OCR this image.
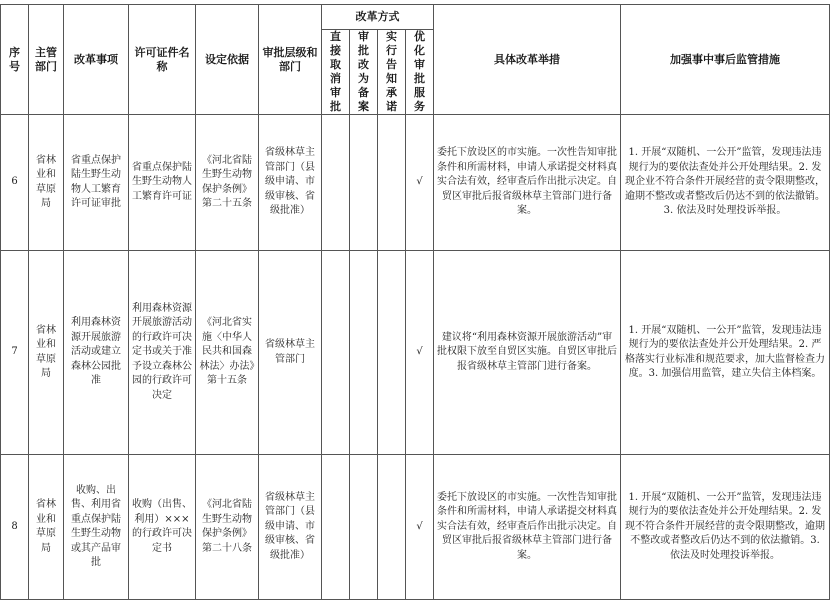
序号	主管部门	改革事项	许可证件名称	设定依据	审批层级和部门	改革方式				具体改革举措	加强事中事后监管措施
						直接取消审批	审批改为备案	实行告知承诺	优化审批服务		
6	省林业和草原局	省重点保护陆生野生动物人工繁育许可证审批	省重点保护陆生野生动物人工繁育许可证	《河北省陆生野生动物保护条例》第二十五条	省级林草主管部门（县级申请、市级审核、省级批准）				√	委托下放设区的市实施。一次性告知审批条件和所需材料，申请人承诺提交材料真实合法有效，经审查后作出批示决定。自贸区审批后报省级林草主管部门进行备案。	1. 开展“双随机、一公开”监管，发现违法违规行为的要依法查处并公开处理结果。2. 发现企业不符合条件开展经营的责令限期整改，逾期不整改或者整改后仍达不到的依法撤销。3. 依法及时处理投诉举报。
7	省林业和草原局	利用森林资源开展旅游活动或建立森林公园批准	利用森林资源开展旅游活动的行政许可决定书或关于准予设立森林公园的行政许可决定	《河北省实施〈中华人民共和国森林法〉办法》第十五条	省级林草主管部门				√	建议将“利用森林资源开展旅游活动”审批权限下放至自贸区实施。自贸区审批后报省级林草主管部门进行备案。	1. 开展“双随机、一公开”监管，发现违法违规行为的要依法查处并公开处理结果。2. 严格落实行业标准和规范要求，加大监督检查力度。3. 加强信用监管，建立失信主体档案。
8	省林业和草原局	收购、出售、利用省重点保护陆生野生动物或其产品审批	收购（出售、利用）×××的行政许可决定书	《河北省陆生野生动物保护条例》第二十八条	省级林草主管部门（县级申请、市级审核、省级批准）				√	委托下放设区的市实施。一次性告知审批条件和所需材料，申请人承诺提交材料真实合法有效，经审查后作出批示决定。自贸区审批后报省级林草主管部门进行备案。	1. 开展“双随机、一公开”监管，发现违法违规行为的要依法查处并公开处理结果。2. 发现不符合条件开展经营的责令限期整改，逾期不整改或者整改后仍达不到的依法撤销。3. 依法及时处理投诉举报。
